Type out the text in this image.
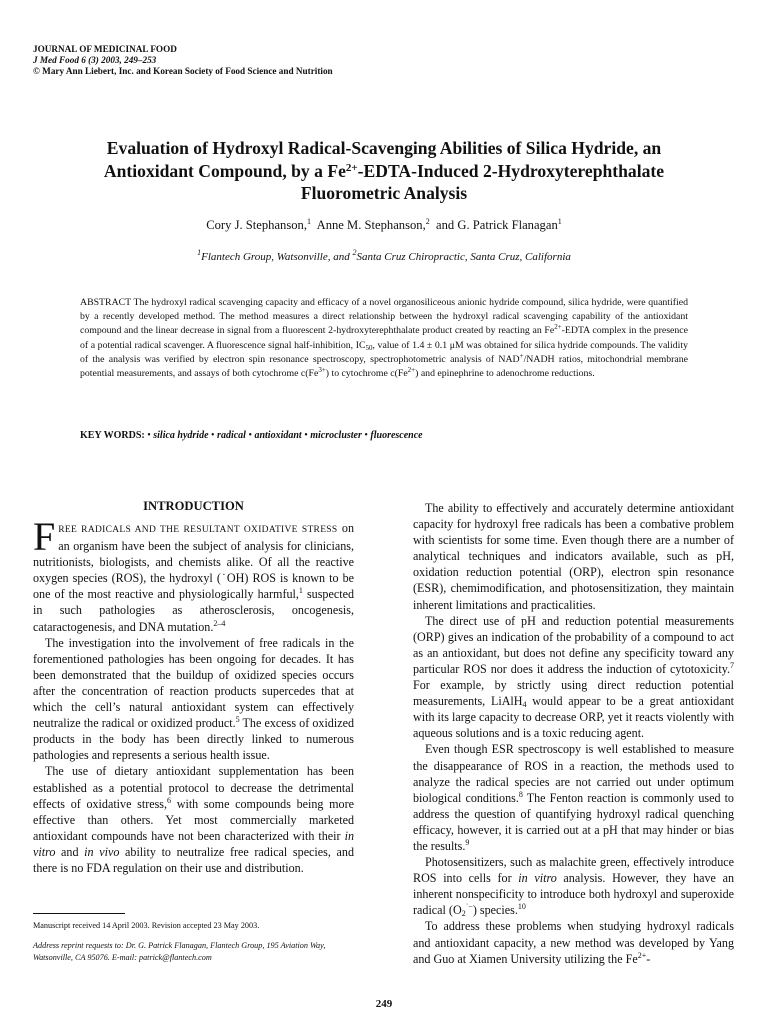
JOURNAL OF MEDICINAL FOOD
J Med Food 6 (3) 2003, 249–253
© Mary Ann Liebert, Inc. and Korean Society of Food Science and Nutrition
Evaluation of Hydroxyl Radical-Scavenging Abilities of Silica Hydride, an
Antioxidant Compound, by a $Fe^{2+}-EDTA$-Induced 2-Hydroxyterephthalate
Fluorometric Analysis
Cory J. Stephanson,$^1$ Anne M. Stephanson,$^2$ and G. Patrick Flanagan$^1$
$^1$Flantech Group, Watsonville, and $^2$Santa Cruz Chiropractic, Santa Cruz, California
ABSTRACT The hydroxyl radical scavenging capacity and efficacy of a novel organosiliceous anionic hydride compound, silica hydride, were quantified by a recently developed method. The method measures a direct relationship between the hydroxyl radical scavenging capability of the antioxidant compound and the linear decrease in signal from a fluorescent 2-hydroxyterephthalate product created by reacting an $Fe^{2+}$-EDTA complex in the presence of a potential radical scavenger. A fluorescence signal half-inhibition, $IC_{50}$, value of 1.4 ± 0.1 μM was obtained for silica hydride compounds. The validity of the analysis was verified by electron spin resonance spectroscopy, spectrophotometric analysis of NAD+/NADH ratios, mitochondrial membrane potential measurements, and assays of both cytochrome $c(Fe^{3+})$ to cytochrome $c(Fe^{2+})$ and epinephrine to adenochrome reductions.
KEY WORDS: • silica hydride • radical • antioxidant • microcluster • fluorescence
INTRODUCTION

FREE RADICALS AND THE RESULTANT OXIDATIVE STRESS on an organism have been the subject of analysis for clinicians, nutritionists, biologists, and chemists alike. Of all the reactive oxygen species (ROS), the hydroxyl (˙OH) ROS is known to be one of the most reactive and physiologically harmful,$^1$ suspected in such pathologies as atherosclerosis, oncogenesis, cataractogenesis, and DNA mutation.$^{2-4}$

The investigation into the involvement of free radicals in the forementioned pathologies has been ongoing for decades. It has been demonstrated that the buildup of oxidized species occurs after the concentration of reaction products supercedes that at which the cell’s natural antioxidant system can effectively neutralize the radical or oxidized product.$^5$ The excess of oxidized products in the body has been directly linked to numerous pathologies and represents a serious health issue.

The use of dietary antioxidant supplementation has been established as a potential protocol to decrease the detrimental effects of oxidative stress,$^6$ with some compounds being more effective than others. Yet most commercially marketed antioxidant compounds have not been characterized with their in vitro and in vivo ability to neutralize free radical species, and there is no FDA regulation on their use and distribution.

The ability to effectively and accurately determine antioxidant capacity for hydroxyl free radicals has been a combative problem with scientists for some time. Even though there are a number of analytical techniques and indicators available, such as pH, oxidation reduction potential (ORP), electron spin resonance (ESR), chemimodification, and photosensitization, they maintain inherent limitations and practicalities.

The direct use of pH and reduction potential measurements (ORP) gives an indication of the probability of a compound to act as an antioxidant, but does not define any specificity toward any particular ROS nor does it address the induction of cytotoxicity.$^7$ For example, by strictly using direct reduction potential measurements, LiAlH$_4$ would appear to be a great antioxidant with its large capacity to decrease ORP, yet it reacts violently with aqueous solutions and is a toxic reducing agent.

Even though ESR spectroscopy is well established to measure the disappearance of ROS in a reaction, the methods used to analyze the radical species are not carried out under optimum biological conditions.$^8$ The Fenton reaction is commonly used to address the question of quantifying hydroxyl radical quenching efficacy, however, it is carried out at a pH that may hinder or bias the results.$^9$

Photosensitizers, such as malachite green, effectively introduce ROS into cells for in vitro analysis. However, they have an inherent nonspecificity to introduce both hydroxyl and superoxide radical $(O_2^{˙-})$ species.$^{10}$

To address these problems when studying hydroxyl radicals and antioxidant capacity, a new method was developed by Yang and Guo at Xiamen University utilizing the $Fe^{2+}-$

Manuscript received 14 April 2003. Revision accepted 23 May 2003.
Address reprint requests to: Dr. G. Patrick Flanagan, Flantech Group, 195 Aviation Way, Watsonville, CA 95076. E-mail: patrick@flantech.com
249
